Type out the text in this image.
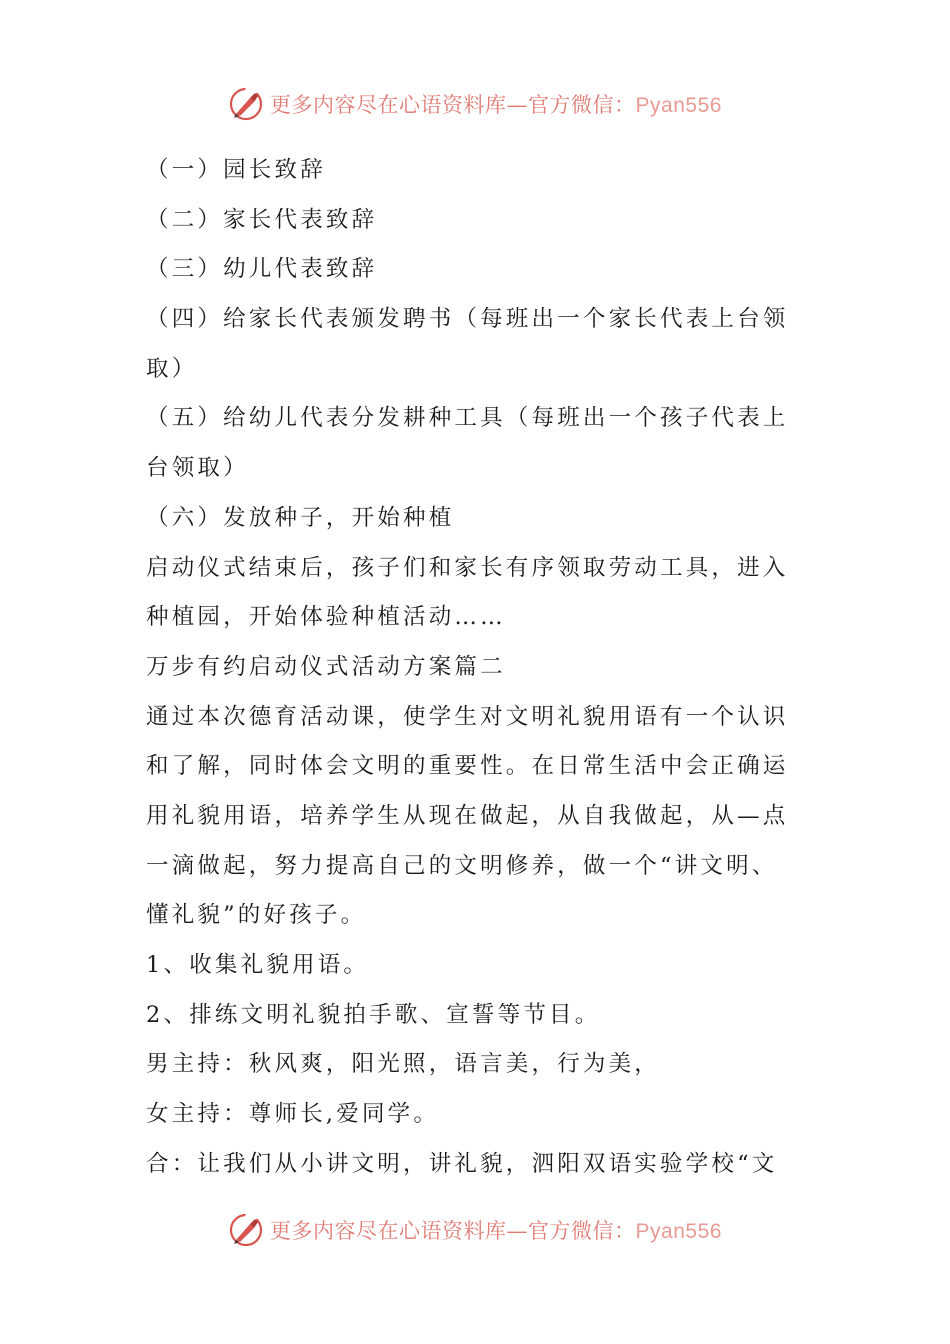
更多内容尽在心语资料库—官方微信：Pyan556
（一）园长致辞
（二）家长代表致辞
（三）幼儿代表致辞
（四）给家长代表颁发聘书（每班出一个家长代表上台领
取）
（五）给幼儿代表分发耕种工具（每班出一个孩子代表上
台领取）
（六）发放种子，开始种植
启动仪式结束后，孩子们和家长有序领取劳动工具，进入
种植园，开始体验种植活动……
万步有约启动仪式活动方案篇二
通过本次德育活动课，使学生对文明礼貌用语有一个认识
和了解，同时体会文明的重要性。在日常生活中会正确运
用礼貌用语，培养学生从现在做起，从自我做起，从—点
一滴做起，努力提高自己的文明修养，做一个“讲文明、
懂礼貌”的好孩子。
1、收集礼貌用语。
2、排练文明礼貌拍手歌、宣誓等节目。
男主持：秋风爽，阳光照，语言美，行为美，
女主持：尊师长,爱同学。
合：让我们从小讲文明，讲礼貌，泗阳双语实验学校“文
更多内容尽在心语资料库—官方微信：Pyan556
